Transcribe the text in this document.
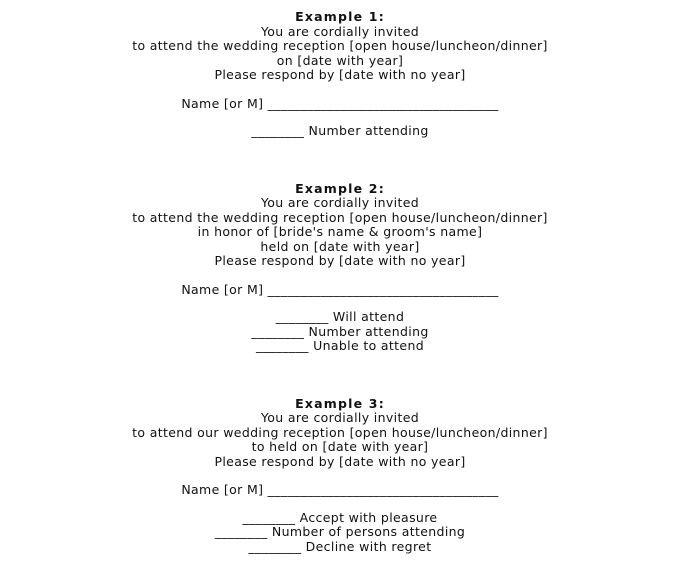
Example 1:
You are cordially invited
to attend the wedding reception [open house/luncheon/dinner]
on [date with year]
Please respond by [date with no year]
Name [or M] ___________________________________
________ Number attending
Example 2:
You are cordially invited
to attend the wedding reception [open house/luncheon/dinner]
in honor of [bride's name & groom's name]
held on [date with year]
Please respond by [date with no year]
Name [or M] ___________________________________
________ Will attend
________ Number attending
________ Unable to attend
Example 3:
You are cordially invited
to attend our wedding reception [open house/luncheon/dinner]
to held on [date with year]
Please respond by [date with no year]
Name [or M] ___________________________________
________ Accept with pleasure
________ Number of persons attending
________ Decline with regret
